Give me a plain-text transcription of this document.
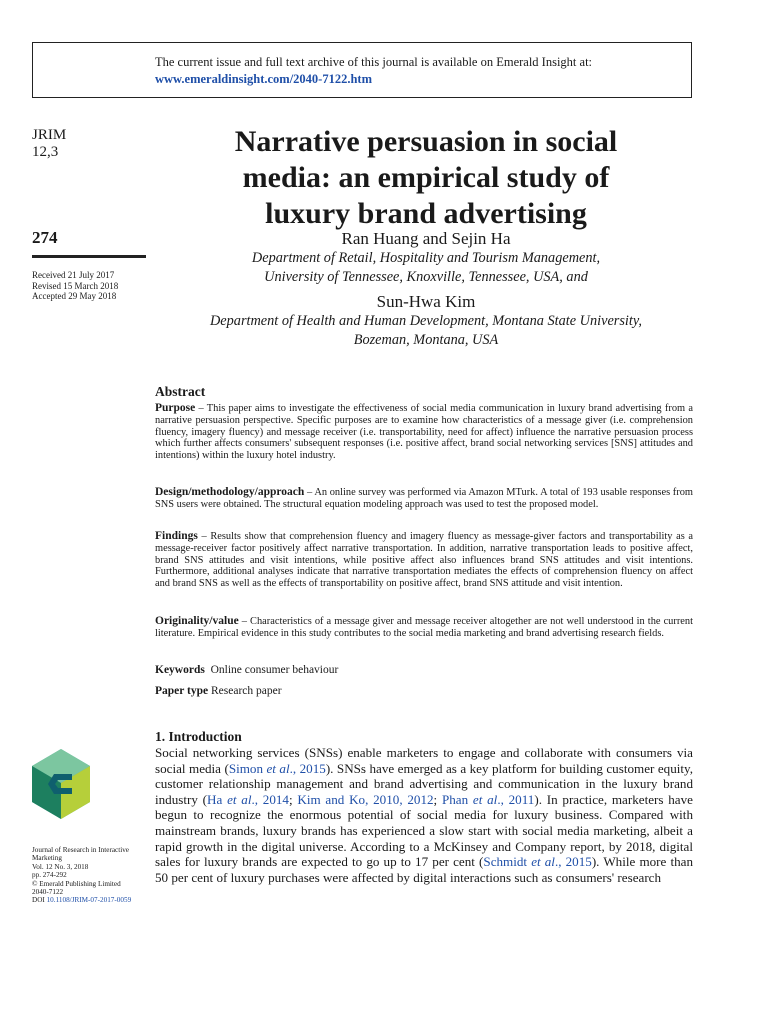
The current issue and full text archive of this journal is available on Emerald Insight at:
www.emeraldinsight.com/2040-7122.htm
JRIM
12,3
274
Received 21 July 2017
Revised 15 March 2018
Accepted 29 May 2018
Narrative persuasion in social
media: an empirical study of
luxury brand advertising
Ran Huang and Sejin Ha
Department of Retail, Hospitality and Tourism Management,
University of Tennessee, Knoxville, Tennessee, USA, and
Sun-Hwa Kim
Department of Health and Human Development, Montana State University,
Bozeman, Montana, USA
Abstract
Purpose – This paper aims to investigate the effectiveness of social media communication in luxury brand advertising from a narrative persuasion perspective. Specific purposes are to examine how characteristics of a message giver (i.e. comprehension fluency, imagery fluency) and message receiver (i.e. transportability, need for affect) influence the narrative persuasion process which further affects consumers' subsequent responses (i.e. positive affect, brand social networking services [SNS] attitudes and intentions) within the luxury hotel industry.
Design/methodology/approach – An online survey was performed via Amazon MTurk. A total of 193 usable responses from SNS users were obtained. The structural equation modeling approach was used to test the proposed model.
Findings – Results show that comprehension fluency and imagery fluency as message-giver factors and transportability as a message-receiver factor positively affect narrative transportation. In addition, narrative transportation leads to positive affect, brand SNS attitudes and visit intentions, while positive affect also influences brand SNS attitudes and visit intentions. Furthermore, additional analyses indicate that narrative transportation mediates the effects of comprehension fluency on affect and brand SNS as well as the effects of transportability on positive affect, brand SNS attitude and visit intention.
Originality/value – Characteristics of a message giver and message receiver altogether are not well understood in the current literature. Empirical evidence in this study contributes to the social media marketing and brand advertising research fields.
Keywords Online consumer behaviour
Paper type Research paper
1. Introduction
Social networking services (SNSs) enable marketers to engage and collaborate with consumers via social media (Simon et al., 2015). SNSs have emerged as a key platform for building customer equity, customer relationship management and brand advertising and communication in the luxury brand industry (Ha et al., 2014; Kim and Ko, 2010, 2012; Phan et al., 2011). In practice, marketers have begun to recognize the enormous potential of social media for luxury business. Compared with mainstream brands, luxury brands has experienced a slow start with social media marketing, albeit a rapid growth in the digital universe. According to a McKinsey and Company report, by 2018, digital sales for luxury brands are expected to go up to 17 per cent (Schmidt et al., 2015). While more than 50 per cent of luxury purchases were affected by digital interactions such as consumers' research
Journal of Research in Interactive
Marketing
Vol. 12 No. 3, 2018
pp. 274-292
© Emerald Publishing Limited
2040-7122
DOI 10.1108/JRIM-07-2017-0059
